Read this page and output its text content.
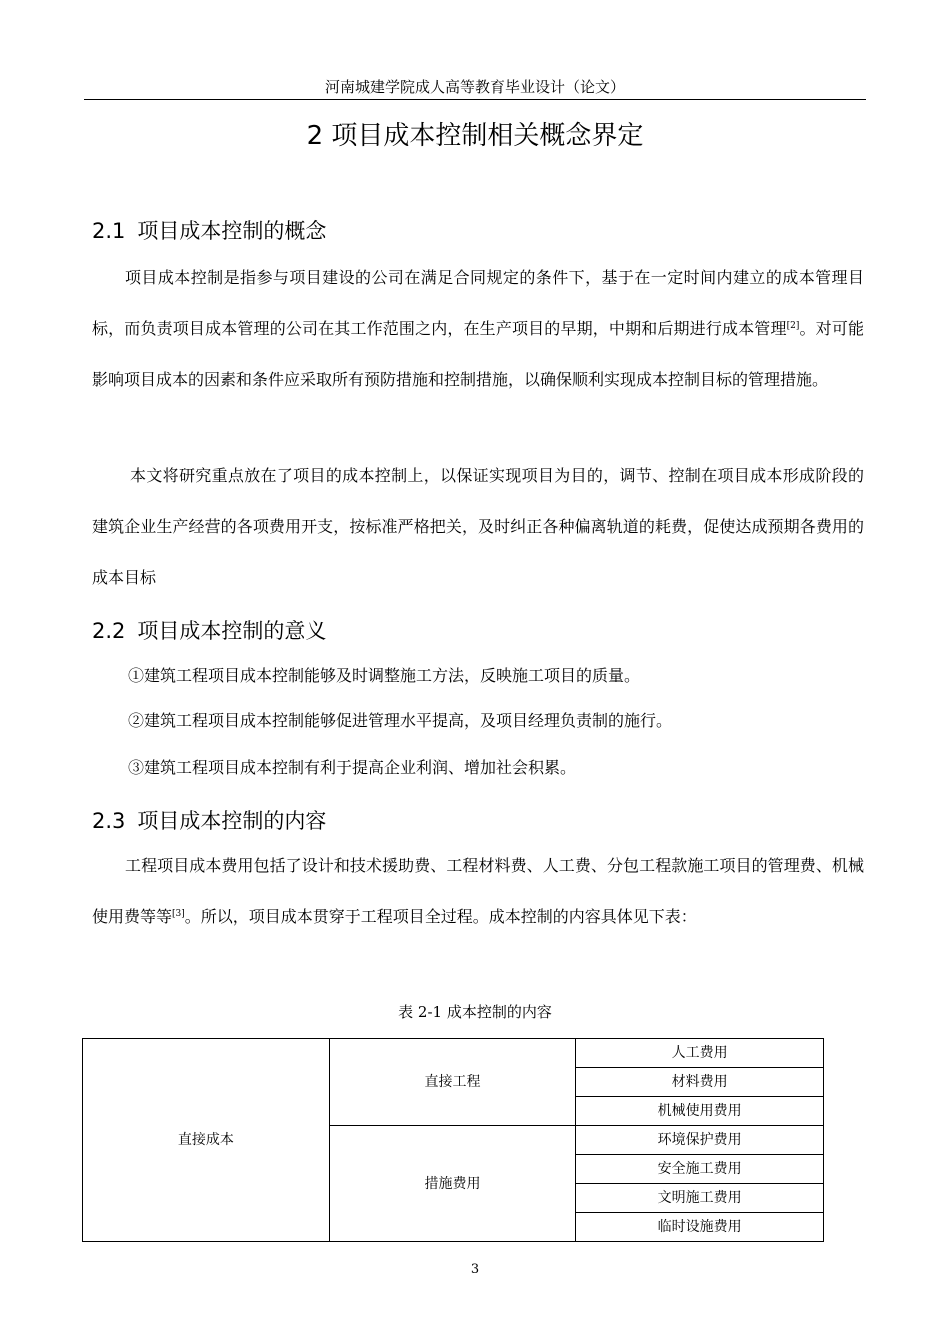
河南城建学院成人高等教育毕业设计（论文）
2 项目成本控制相关概念界定
2.1 项目成本控制的概念
项目成本控制是指参与项目建设的公司在满足合同规定的条件下，基于在一定时间内建立的成本管理目标，而负责项目成本管理的公司在其工作范围之内，在生产项目的早期，中期和后期进行成本管理[2]。对可能影响项目成本的因素和条件应采取所有预防措施和控制措施，以确保顺利实现成本控制目标的管理措施。
本文将研究重点放在了项目的成本控制上，以保证实现项目为目的，调节、控制在项目成本形成阶段的建筑企业生产经营的各项费用开支，按标准严格把关，及时纠正各种偏离轨道的耗费，促使达成预期各费用的成本目标
2.2 项目成本控制的意义
①建筑工程项目成本控制能够及时调整施工方法，反映施工项目的质量。
②建筑工程项目成本控制能够促进管理水平提高，及项目经理负责制的施行。
③建筑工程项目成本控制有利于提高企业利润、增加社会积累。
2.3 项目成本控制的内容
工程项目成本费用包括了设计和技术援助费、工程材料费、人工费、分包工程款施工项目的管理费、机械使用费等等[3]。所以，项目成本贯穿于工程项目全过程。成本控制的内容具体见下表：
表 2-1 成本控制的内容
直接成本	直接工程	人工费用
		材料费用
		机械使用费用
	措施费用	环境保护费用
		安全施工费用
		文明施工费用
		临时设施费用
3
